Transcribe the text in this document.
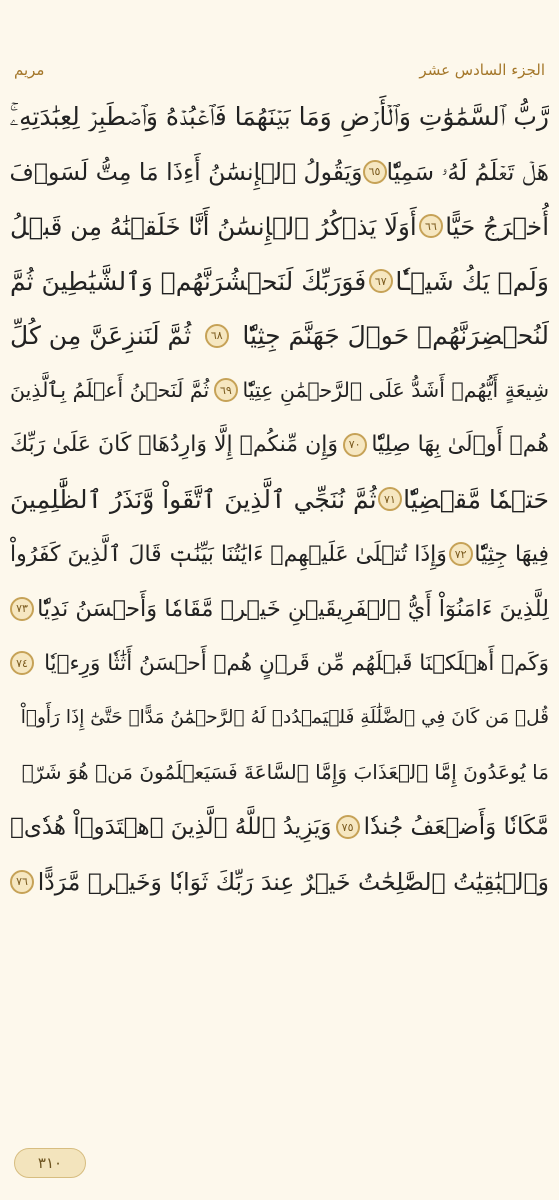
الجزء السادس عشر
مريم
رَّبُّ ٱلسَّمَٰوَٰتِ وَٱلۡأَرۡضِ وَمَا بَيۡنَهُمَا فَٱعۡبُدۡهُ وَٱصۡطَبِرۡ لِعِبَٰدَتِهِۦۚ
هَلۡ تَعۡلَمُ لَهُۥ سَمِيّٗا
٦٥
وَيَقُولُ ٱلۡإِنسَٰنُ أَءِذَا مَا مِتُّ لَسَوۡفَ
أُخۡرَجُ حَيًّا
٦٦
أَوَلَا يَذۡكُرُ ٱلۡإِنسَٰنُ أَنَّا خَلَقۡنَٰهُ مِن قَبۡلُ
وَلَمۡ يَكُ شَيۡـٔٗا
٦٧
فَوَرَبِّكَ لَنَحۡشُرَنَّهُمۡ وَٱلشَّيَٰطِينَ ثُمَّ
لَنُحۡضِرَنَّهُمۡ حَوۡلَ جَهَنَّمَ جِثِيّٗا
٦٨
ثُمَّ لَنَنزِعَنَّ مِن كُلِّ
شِيعَةٍ أَيُّهُمۡ أَشَدُّ عَلَى ٱلرَّحۡمَٰنِ عِتِيّٗا
٦٩
ثُمَّ لَنَحۡنُ أَعۡلَمُ بِٱلَّذِينَ
هُمۡ أَوۡلَىٰ بِهَا صِلِيّٗا
٧٠
وَإِن مِّنكُمۡ إِلَّا وَارِدُهَاۚ كَانَ عَلَىٰ رَبِّكَ
حَتۡمٗا مَّقۡضِيّٗا
٧١
ثُمَّ نُنَجِّي ٱلَّذِينَ ٱتَّقَواْ وَّنَذَرُ ٱلظَّٰلِمِينَ
فِيهَا جِثِيّٗا
٧٢
وَإِذَا تُتۡلَىٰ عَلَيۡهِمۡ ءَايَٰتُنَا بَيِّنَٰتٖ قَالَ ٱلَّذِينَ كَفَرُواْ
لِلَّذِينَ ءَامَنُوٓاْ أَيُّ ٱلۡفَرِيقَيۡنِ خَيۡرٞ مَّقَامٗا وَأَحۡسَنُ نَدِيّٗا
٧٣
وَكَمۡ أَهۡلَكۡنَا قَبۡلَهُم مِّن قَرۡنٍ هُمۡ أَحۡسَنُ أَثَٰثٗا وَرِءۡيٗا
٧٤
قُلۡ مَن كَانَ فِي ٱلضَّلَٰلَةِ فَلۡيَمۡدُدۡ لَهُ ٱلرَّحۡمَٰنُ مَدًّاۚ حَتَّىٰٓ إِذَا رَأَوۡاْ
مَا يُوعَدُونَ إِمَّا ٱلۡعَذَابَ وَإِمَّا ٱلسَّاعَةَ فَسَيَعۡلَمُونَ مَنۡ هُوَ شَرّٞ
مَّكَانٗا وَأَضۡعَفُ جُندٗا
٧٥
وَيَزِيدُ ٱللَّهُ ٱلَّذِينَ ٱهۡتَدَوۡاْ هُدٗىۗ
وَٱلۡبَٰقِيَٰتُ ٱلصَّٰلِحَٰتُ خَيۡرٌ عِندَ رَبِّكَ ثَوَابٗا وَخَيۡرٞ مَّرَدًّا
٧٦
٣١٠
